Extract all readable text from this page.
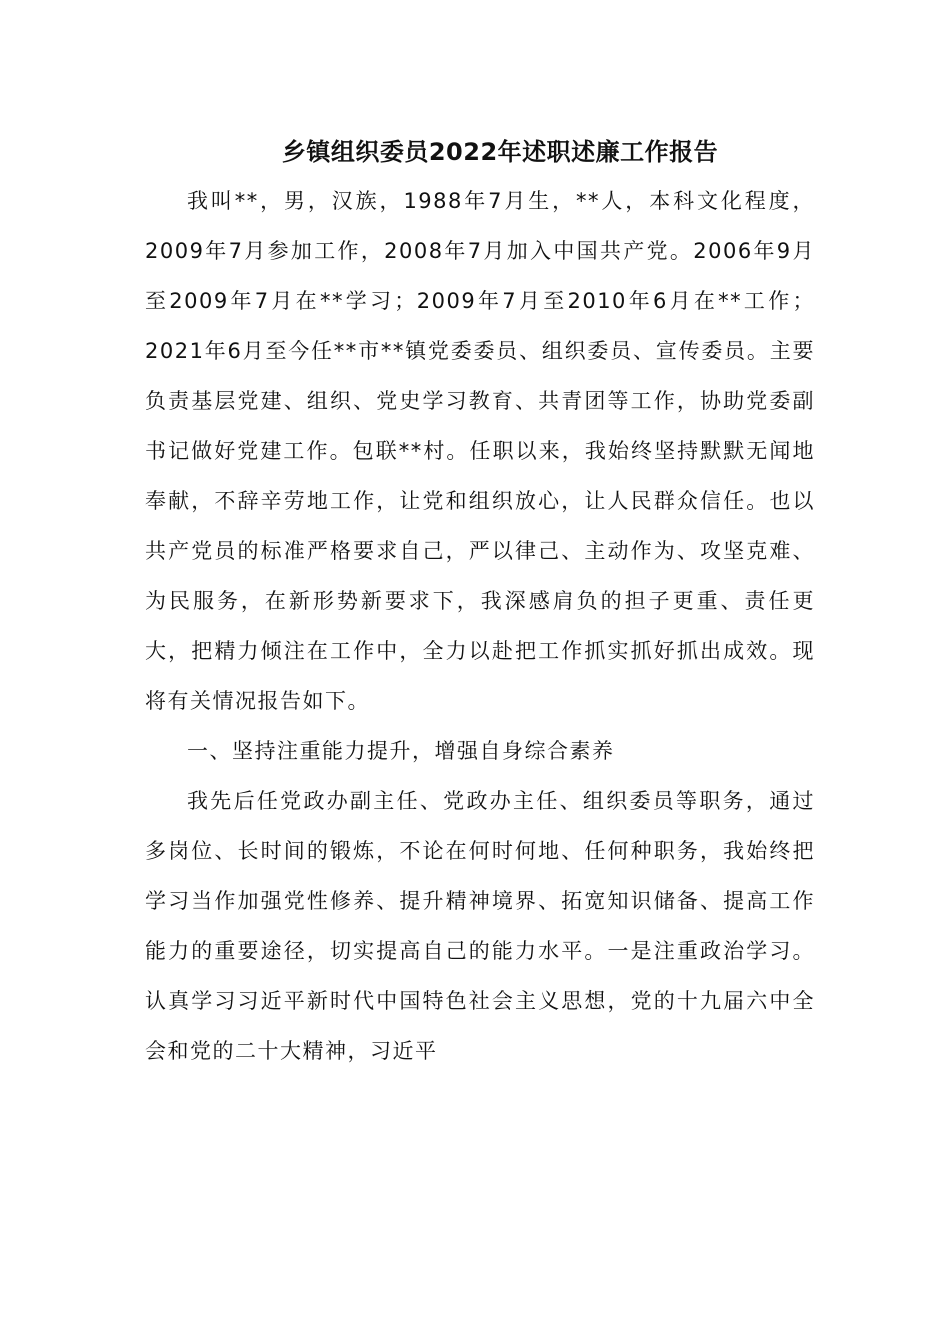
乡镇组织委员2022年述职述廉工作报告

我叫**，男，汉族，1988年7月生，**人，本科文化程度，2009年7月参加工作，2008年7月加入中国共产党。2006年9月至2009年7月在**学习；2009年7月至2010年6月在**工作；2021年6月至今任**市**镇党委委员、组织委员、宣传委员。主要负责基层党建、组织、党史学习教育、共青团等工作，协助党委副书记做好党建工作。包联**村。任职以来，我始终坚持默默无闻地奉献，不辞辛劳地工作，让党和组织放心，让人民群众信任。也以共产党员的标准严格要求自己，严以律己、主动作为、攻坚克难、为民服务，在新形势新要求下，我深感肩负的担子更重、责任更大，把精力倾注在工作中，全力以赴把工作抓实抓好抓出成效。现将有关情况报告如下。

一、坚持注重能力提升，增强自身综合素养

我先后任党政办副主任、党政办主任、组织委员等职务，通过多岗位、长时间的锻炼，不论在何时何地、任何种职务，我始终把学习当作加强党性修养、提升精神境界、拓宽知识储备、提高工作能力的重要途径，切实提高自己的能力水平。一是注重政治学习。认真学习习近平新时代中国特色社会主义思想，党的十九届六中全会和党的二十大精神，习近平
